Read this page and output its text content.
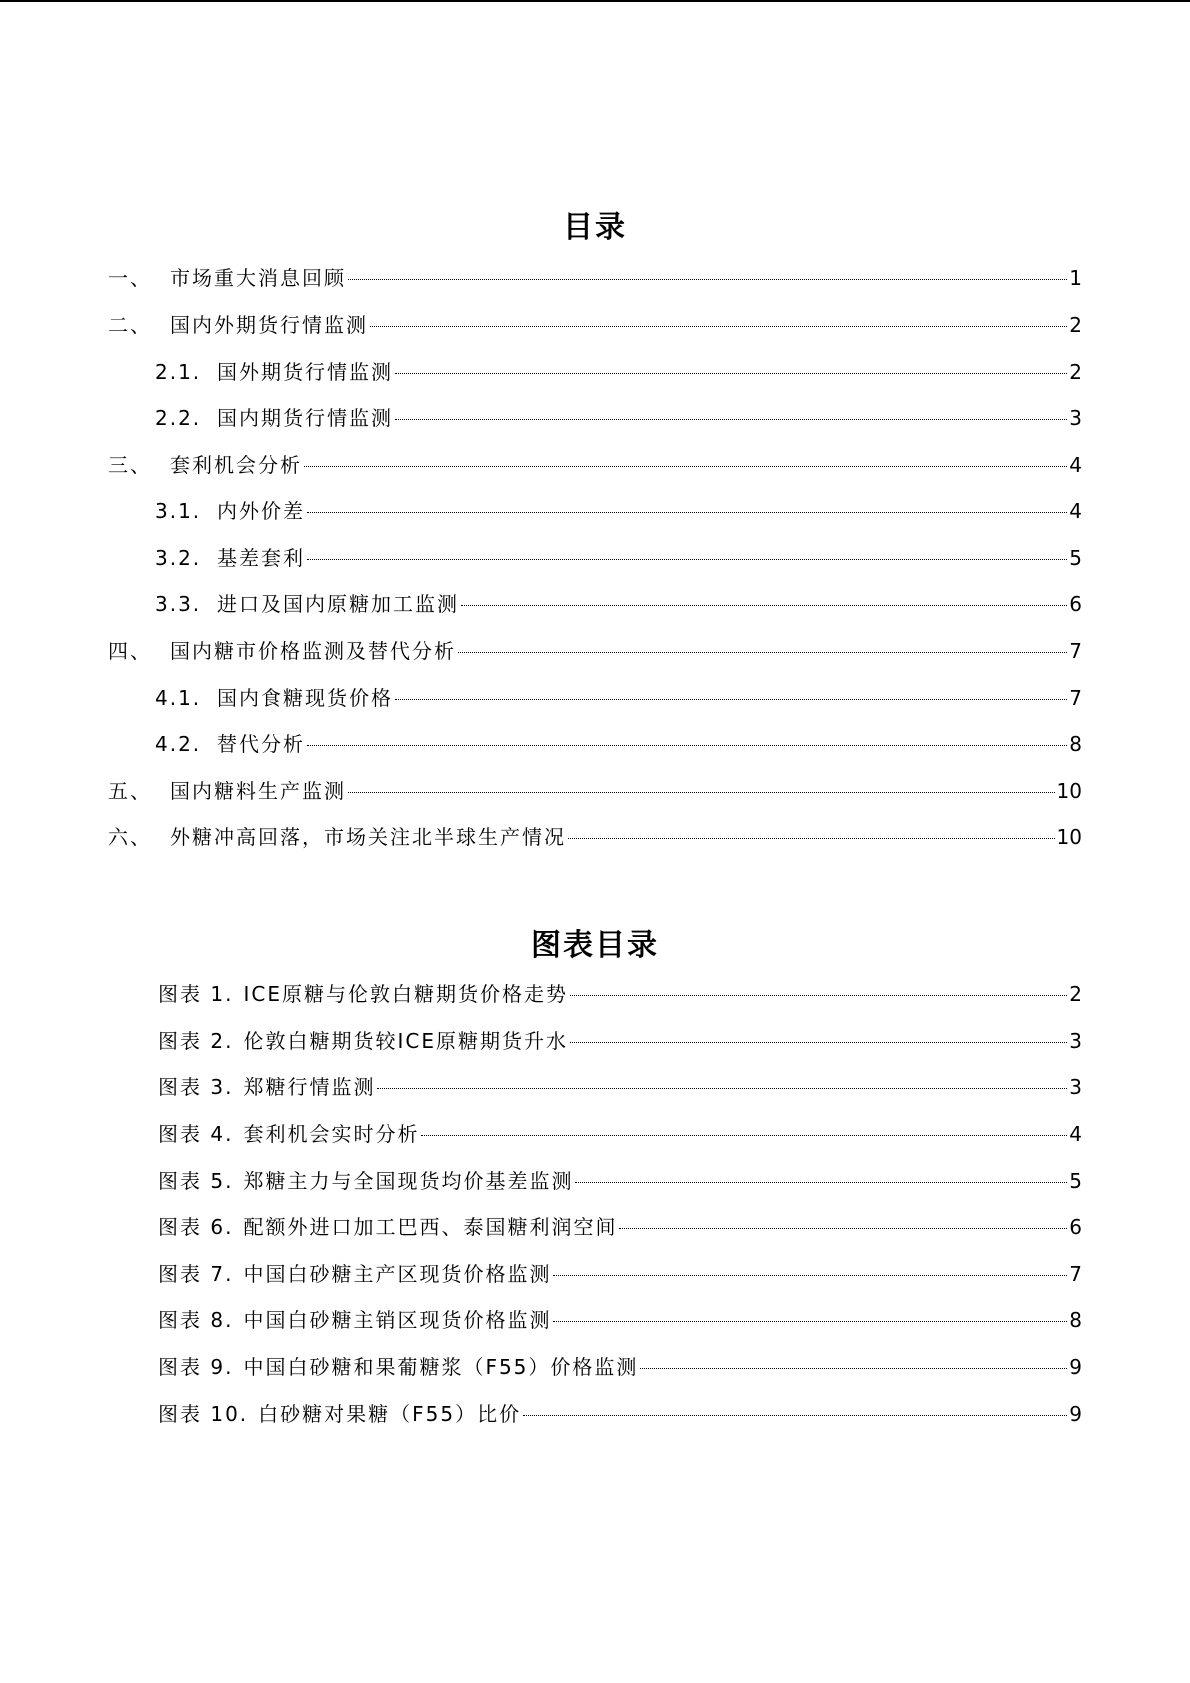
目录
一、 市场重大消息回顾	1
二、 国内外期货行情监测	2
2.1. 国外期货行情监测	2
2.2. 国内期货行情监测	3
三、 套利机会分析	4
3.1. 内外价差	4
3.2. 基差套利	5
3.3. 进口及国内原糖加工监测	6
四、 国内糖市价格监测及替代分析	7
4.1. 国内食糖现货价格	7
4.2. 替代分析	8
五、 国内糖料生产监测	10
六、 外糖冲高回落，市场关注北半球生产情况	10
图表目录
图表 1. ICE原糖与伦敦白糖期货价格走势	2
图表 2. 伦敦白糖期货较ICE原糖期货升水	3
图表 3. 郑糖行情监测	3
图表 4. 套利机会实时分析	4
图表 5. 郑糖主力与全国现货均价基差监测	5
图表 6. 配额外进口加工巴西、泰国糖利润空间	6
图表 7. 中国白砂糖主产区现货价格监测	7
图表 8. 中国白砂糖主销区现货价格监测	8
图表 9. 中国白砂糖和果葡糖浆（F55）价格监测	9
图表 10. 白砂糖对果糖（F55）比价	9
